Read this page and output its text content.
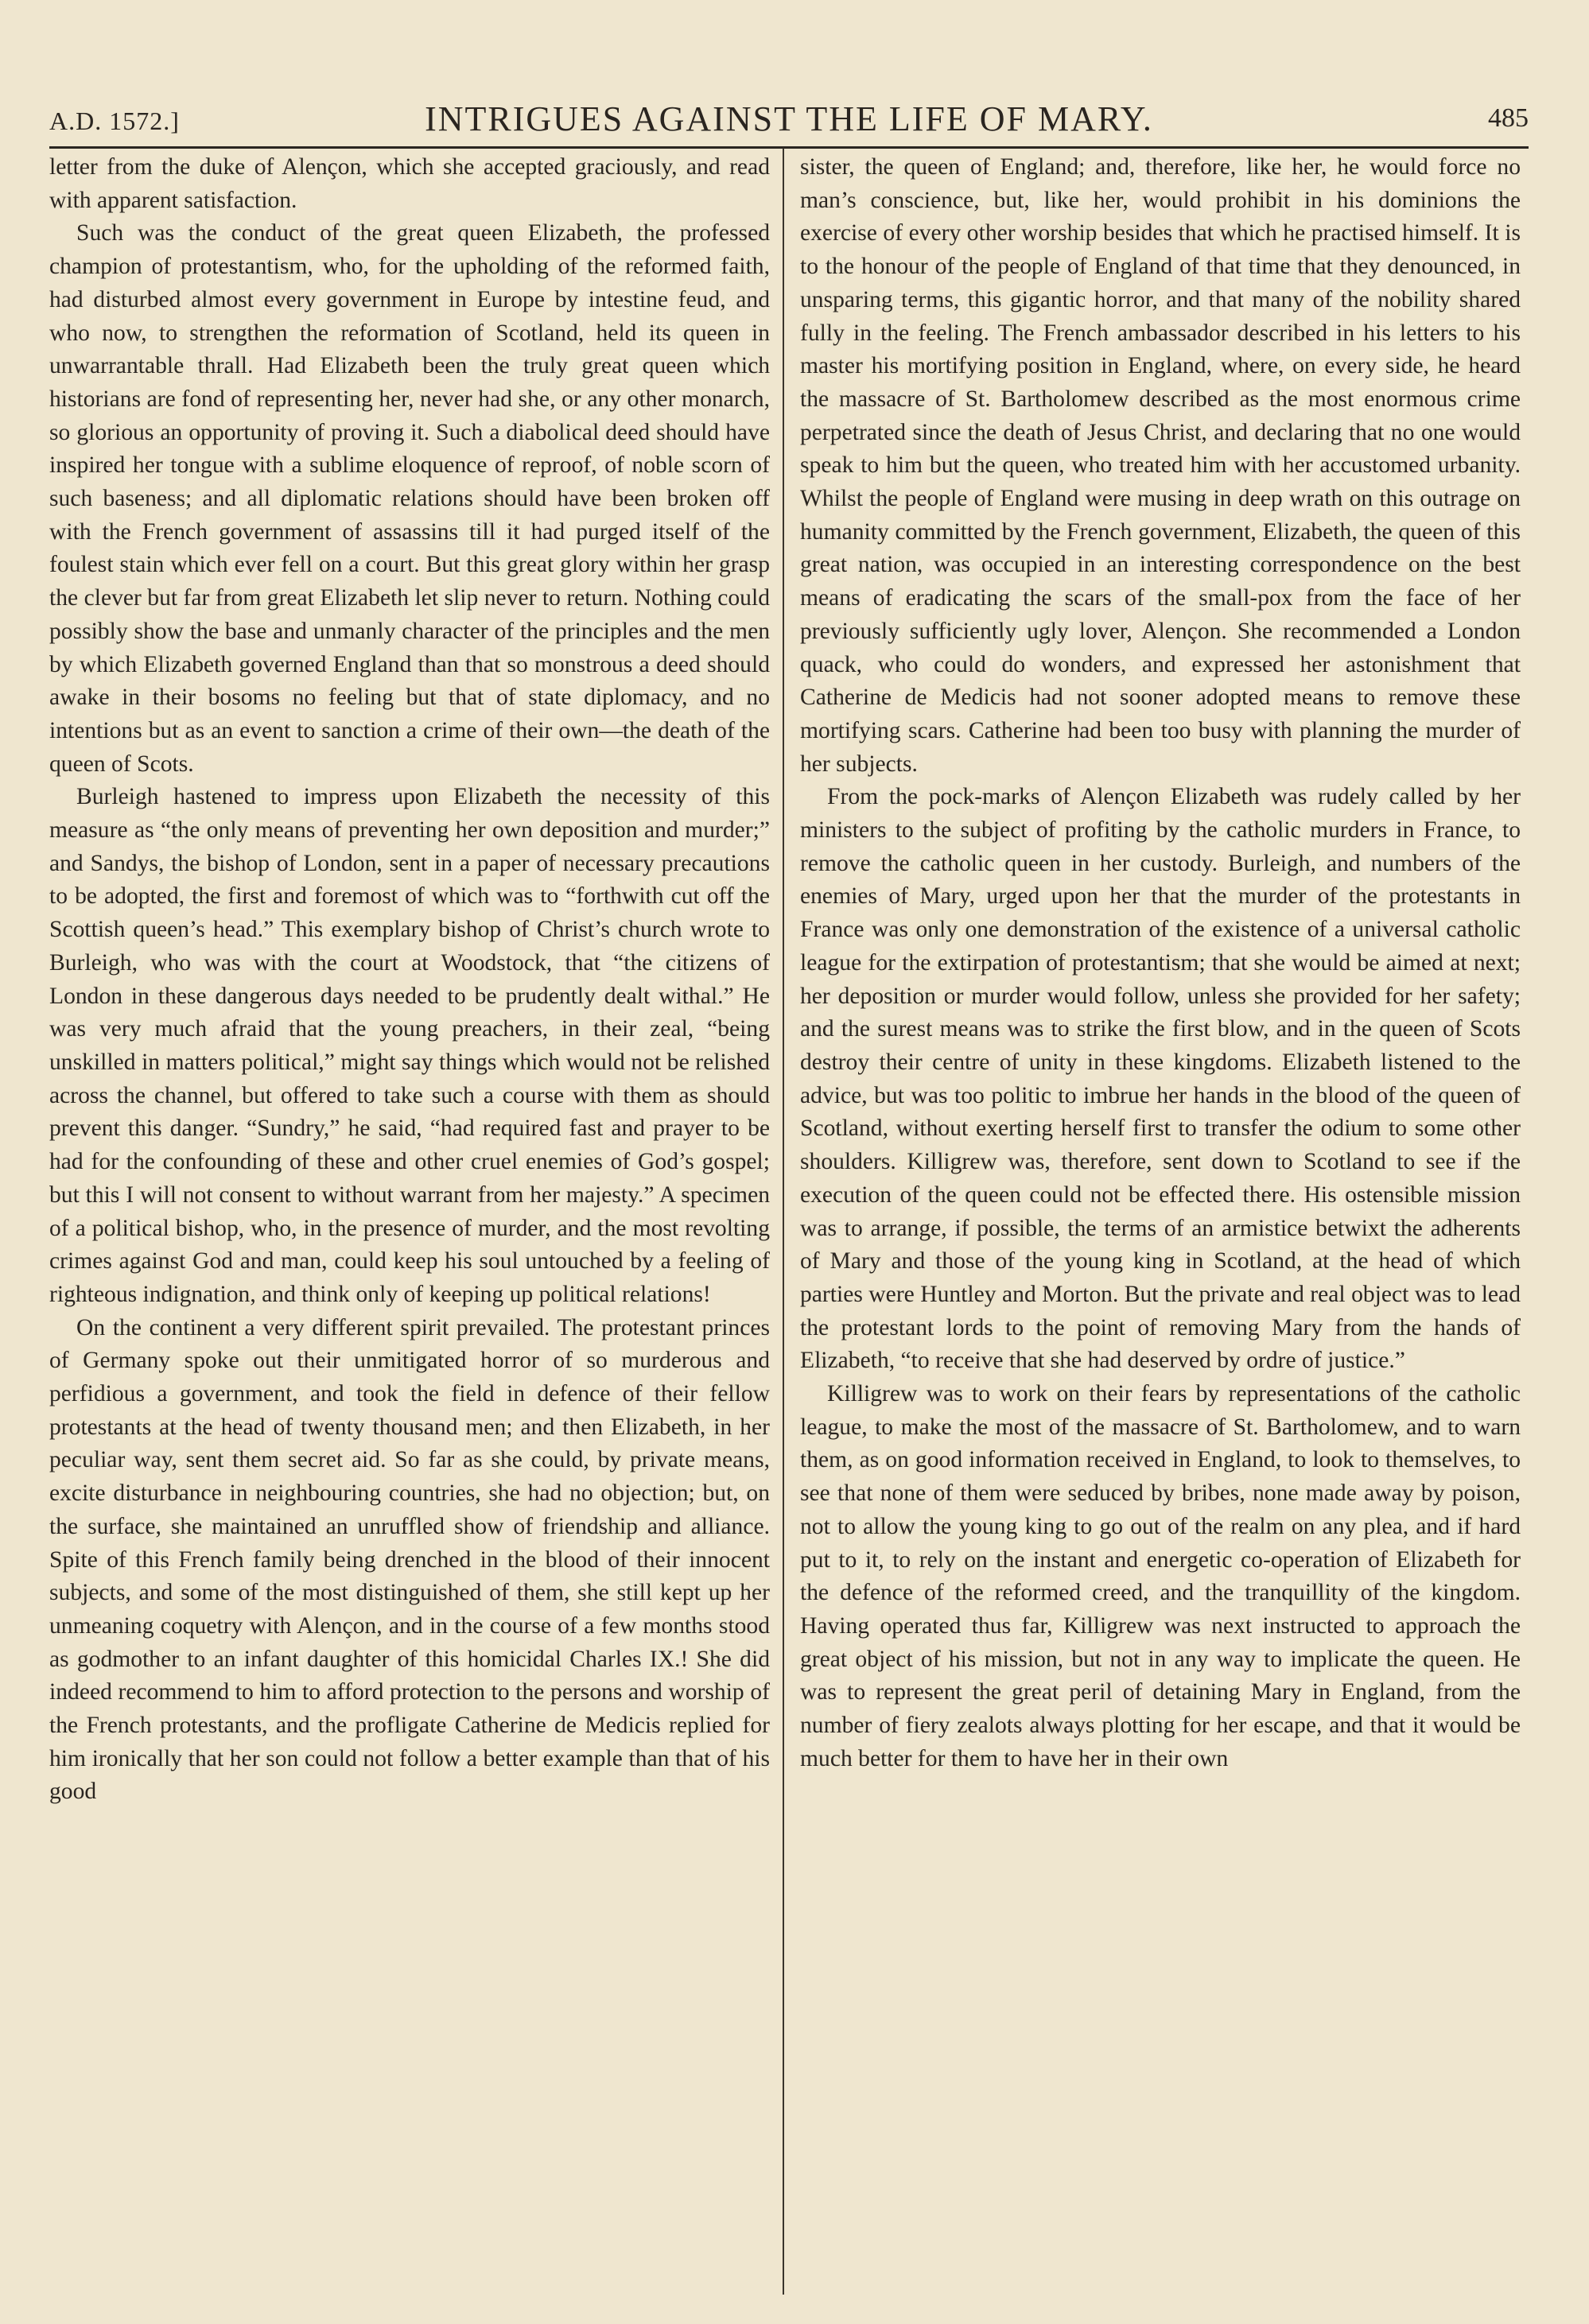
A.D. 1572.]	INTRIGUES AGAINST THE LIFE OF MARY.	485

letter from the duke of Alençon, which she accepted graciously, and read with apparent satisfaction.

Such was the conduct of the great queen Elizabeth, the professed champion of protestantism, who, for the upholding of the reformed faith, had disturbed almost every government in Europe by intestine feud, and who now, to strengthen the reformation of Scotland, held its queen in unwarrantable thrall. Had Elizabeth been the truly great queen which historians are fond of representing her, never had she, or any other monarch, so glorious an opportunity of proving it. Such a diabolical deed should have inspired her tongue with a sublime eloquence of reproof, of noble scorn of such baseness; and all diplomatic relations should have been broken off with the French government of assassins till it had purged itself of the foulest stain which ever fell on a court. But this great glory within her grasp the clever but far from great Elizabeth let slip never to return. Nothing could possibly show the base and unmanly character of the principles and the men by which Elizabeth governed England than that so monstrous a deed should awake in their bosoms no feeling but that of state diplomacy, and no intentions but as an event to sanction a crime of their own—the death of the queen of Scots.

Burleigh hastened to impress upon Elizabeth the necessity of this measure as “the only means of preventing her own deposition and murder;” and Sandys, the bishop of London, sent in a paper of necessary precautions to be adopted, the first and foremost of which was to “forthwith cut off the Scottish queen’s head.” This exemplary bishop of Christ’s church wrote to Burleigh, who was with the court at Woodstock, that “the citizens of London in these dangerous days needed to be prudently dealt withal.” He was very much afraid that the young preachers, in their zeal, “being unskilled in matters political,” might say things which would not be relished across the channel, but offered to take such a course with them as should prevent this danger. “Sundry,” he said, “had required fast and prayer to be had for the confounding of these and other cruel enemies of God’s gospel; but this I will not consent to without warrant from her majesty.” A specimen of a political bishop, who, in the presence of murder, and the most revolting crimes against God and man, could keep his soul untouched by a feeling of righteous indignation, and think only of keeping up political relations!

On the continent a very different spirit prevailed. The protestant princes of Germany spoke out their unmitigated horror of so murderous and perfidious a government, and took the field in defence of their fellow protestants at the head of twenty thousand men; and then Elizabeth, in her peculiar way, sent them secret aid. So far as she could, by private means, excite disturbance in neighbouring countries, she had no objection; but, on the surface, she maintained an unruffled show of friendship and alliance. Spite of this French family being drenched in the blood of their innocent subjects, and some of the most distinguished of them, she still kept up her unmeaning coquetry with Alençon, and in the course of a few months stood as godmother to an infant daughter of this homicidal Charles IX.! She did indeed recommend to him to afford protection to the persons and worship of the French protestants, and the profligate Catherine de Medicis replied for him ironically that her son could not follow a better example than that of his good

sister, the queen of England; and, therefore, like her, he would force no man’s conscience, but, like her, would prohibit in his dominions the exercise of every other worship besides that which he practised himself. It is to the honour of the people of England of that time that they denounced, in unsparing terms, this gigantic horror, and that many of the nobility shared fully in the feeling. The French ambassador described in his letters to his master his mortifying position in England, where, on every side, he heard the massacre of St. Bartholomew described as the most enormous crime perpetrated since the death of Jesus Christ, and declaring that no one would speak to him but the queen, who treated him with her accustomed urbanity. Whilst the people of England were musing in deep wrath on this outrage on humanity committed by the French government, Elizabeth, the queen of this great nation, was occupied in an interesting correspondence on the best means of eradicating the scars of the small-pox from the face of her previously sufficiently ugly lover, Alençon. She recommended a London quack, who could do wonders, and expressed her astonishment that Catherine de Medicis had not sooner adopted means to remove these mortifying scars. Catherine had been too busy with planning the murder of her subjects.

From the pock-marks of Alençon Elizabeth was rudely called by her ministers to the subject of profiting by the catholic murders in France, to remove the catholic queen in her custody. Burleigh, and numbers of the enemies of Mary, urged upon her that the murder of the protestants in France was only one demonstration of the existence of a universal catholic league for the extirpation of protestantism; that she would be aimed at next; her deposition or murder would follow, unless she provided for her safety; and the surest means was to strike the first blow, and in the queen of Scots destroy their centre of unity in these kingdoms. Elizabeth listened to the advice, but was too politic to imbrue her hands in the blood of the queen of Scotland, without exerting herself first to transfer the odium to some other shoulders. Killigrew was, therefore, sent down to Scotland to see if the execution of the queen could not be effected there. His ostensible mission was to arrange, if possible, the terms of an armistice betwixt the adherents of Mary and those of the young king in Scotland, at the head of which parties were Huntley and Morton. But the private and real object was to lead the protestant lords to the point of removing Mary from the hands of Elizabeth, “to receive that she had deserved by ordre of justice.”

Killigrew was to work on their fears by representations of the catholic league, to make the most of the massacre of St. Bartholomew, and to warn them, as on good information received in England, to look to themselves, to see that none of them were seduced by bribes, none made away by poison, not to allow the young king to go out of the realm on any plea, and if hard put to it, to rely on the instant and energetic co-operation of Elizabeth for the defence of the reformed creed, and the tranquillity of the kingdom. Having operated thus far, Killigrew was next instructed to approach the great object of his mission, but not in any way to implicate the queen. He was to represent the great peril of detaining Mary in England, from the number of fiery zealots always plotting for her escape, and that it would be much better for them to have her in their own
